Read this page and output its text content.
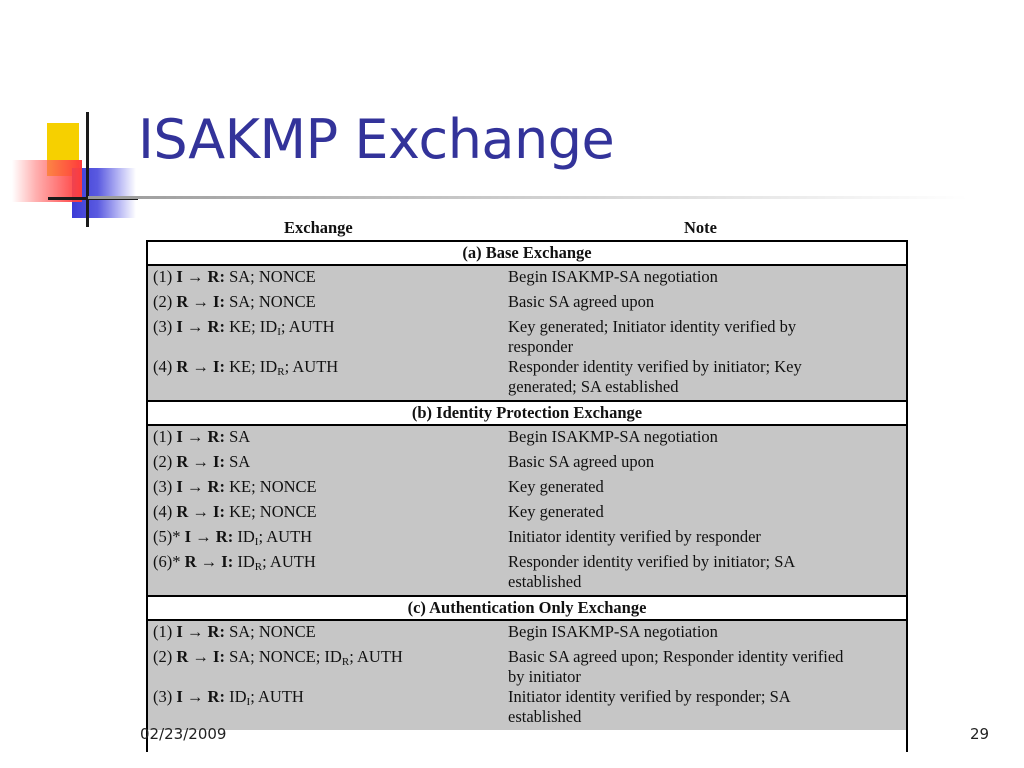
ISAKMP Exchange
Exchange	Note
(a) Base Exchange
(1) I → R: SA; NONCE	Begin ISAKMP-SA negotiation
(2) R → I: SA; NONCE	Basic SA agreed upon
(3) I → R: KE; $ID_I$; AUTH	Key generated; Initiator identity verified by responder
(4) R → I: KE; $ID_R$; AUTH	Responder identity verified by initiator; Key generated; SA established
(b) Identity Protection Exchange
(1) I → R: SA	Begin ISAKMP-SA negotiation
(2) R → I: SA	Basic SA agreed upon
(3) I → R: KE; NONCE	Key generated
(4) R → I: KE; NONCE	Key generated
(5)* I → R: $ID_I$; AUTH	Initiator identity verified by responder
(6)* R → I: $ID_R$; AUTH	Responder identity verified by initiator; SA established
(c) Authentication Only Exchange
(1) I → R: SA; NONCE	Begin ISAKMP-SA negotiation
(2) R → I: SA; NONCE; $ID_R$; AUTH	Basic SA agreed upon; Responder identity verified by initiator
(3) I → R: $ID_I$; AUTH	Initiator identity verified by responder; SA established
02/23/2009	29
